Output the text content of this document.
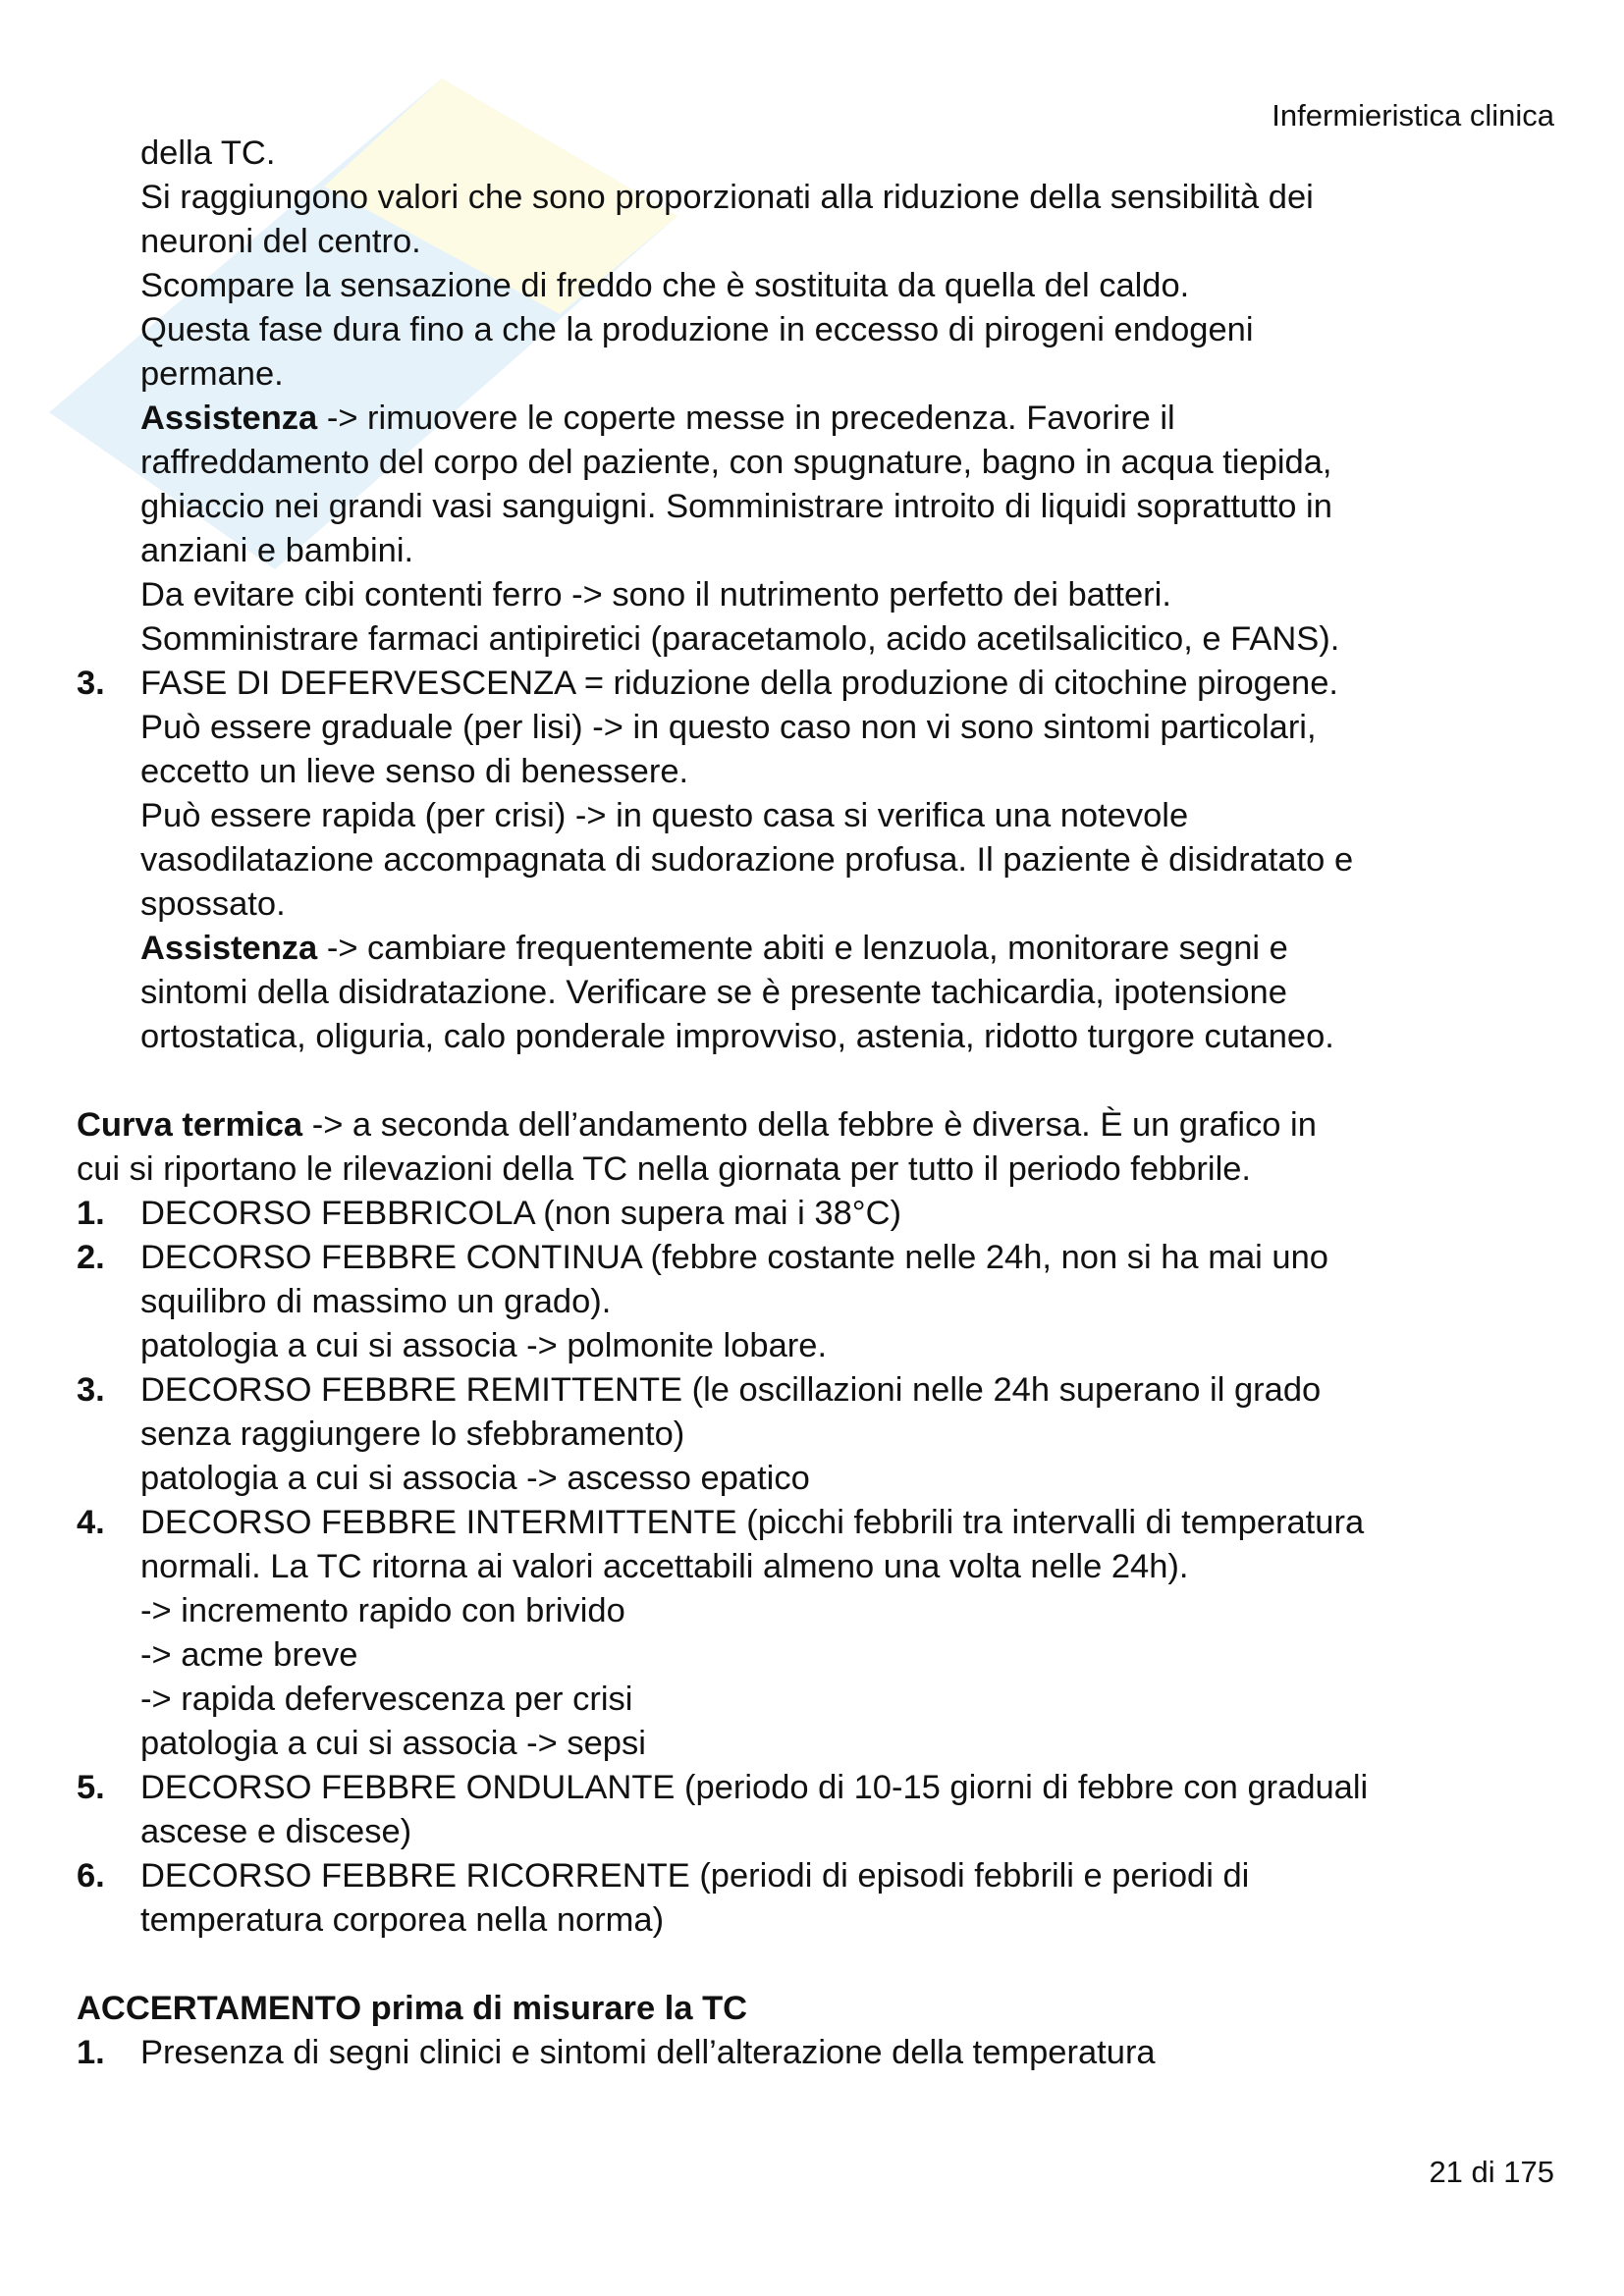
Infermieristica clinica
della TC.
Si raggiungono valori che sono proporzionati alla riduzione della sensibilità dei
neuroni del centro.
Scompare la sensazione di freddo che è sostituita da quella del caldo.
Questa fase dura fino a che la produzione in eccesso di pirogeni endogeni
permane.
Assistenza -> rimuovere le coperte messe in precedenza. Favorire il
raffreddamento del corpo del paziente, con spugnature, bagno in acqua tiepida,
ghiaccio nei grandi vasi sanguigni. Somministrare introito di liquidi soprattutto in
anziani e bambini.
Da evitare cibi contenti ferro -> sono il nutrimento perfetto dei batteri.
Somministrare farmaci antipiretici (paracetamolo, acido acetilsalicitico, e FANS).
3. FASE DI DEFERVESCENZA = riduzione della produzione di citochine pirogene.
Può essere graduale (per lisi) -> in questo caso non vi sono sintomi particolari,
eccetto un lieve senso di benessere.
Può essere rapida (per crisi) -> in questo casa si verifica una notevole
vasodilatazione accompagnata di sudorazione profusa. Il paziente è disidratato e
spossato.
Assistenza -> cambiare frequentemente abiti e lenzuola, monitorare segni e
sintomi della disidratazione. Verificare se è presente tachicardia, ipotensione
ortostatica, oliguria, calo ponderale improvviso, astenia, ridotto turgore cutaneo.
Curva termica -> a seconda dell’andamento della febbre è diversa. È un grafico in
cui si riportano le rilevazioni della TC nella giornata per tutto il periodo febbrile.
1. DECORSO FEBBRICOLA (non supera mai i 38°C)
2. DECORSO FEBBRE CONTINUA (febbre costante nelle 24h, non si ha mai uno
squilibro di massimo un grado).
patologia a cui si associa -> polmonite lobare.
3. DECORSO FEBBRE REMITTENTE (le oscillazioni nelle 24h superano il grado
senza raggiungere lo sfebbramento)
patologia a cui si associa -> ascesso epatico
4. DECORSO FEBBRE INTERMITTENTE (picchi febbrili tra intervalli di temperatura
normali. La TC ritorna ai valori accettabili almeno una volta nelle 24h).
-> incremento rapido con brivido
-> acme breve
-> rapida defervescenza per crisi
patologia a cui si associa -> sepsi
5. DECORSO FEBBRE ONDULANTE (periodo di 10-15 giorni di febbre con graduali
ascese e discese)
6. DECORSO FEBBRE RICORRENTE (periodi di episodi febbrili e periodi di
temperatura corporea nella norma)
ACCERTAMENTO prima di misurare la TC
1. Presenza di segni clinici e sintomi dell’alterazione della temperatura
21 di 175
